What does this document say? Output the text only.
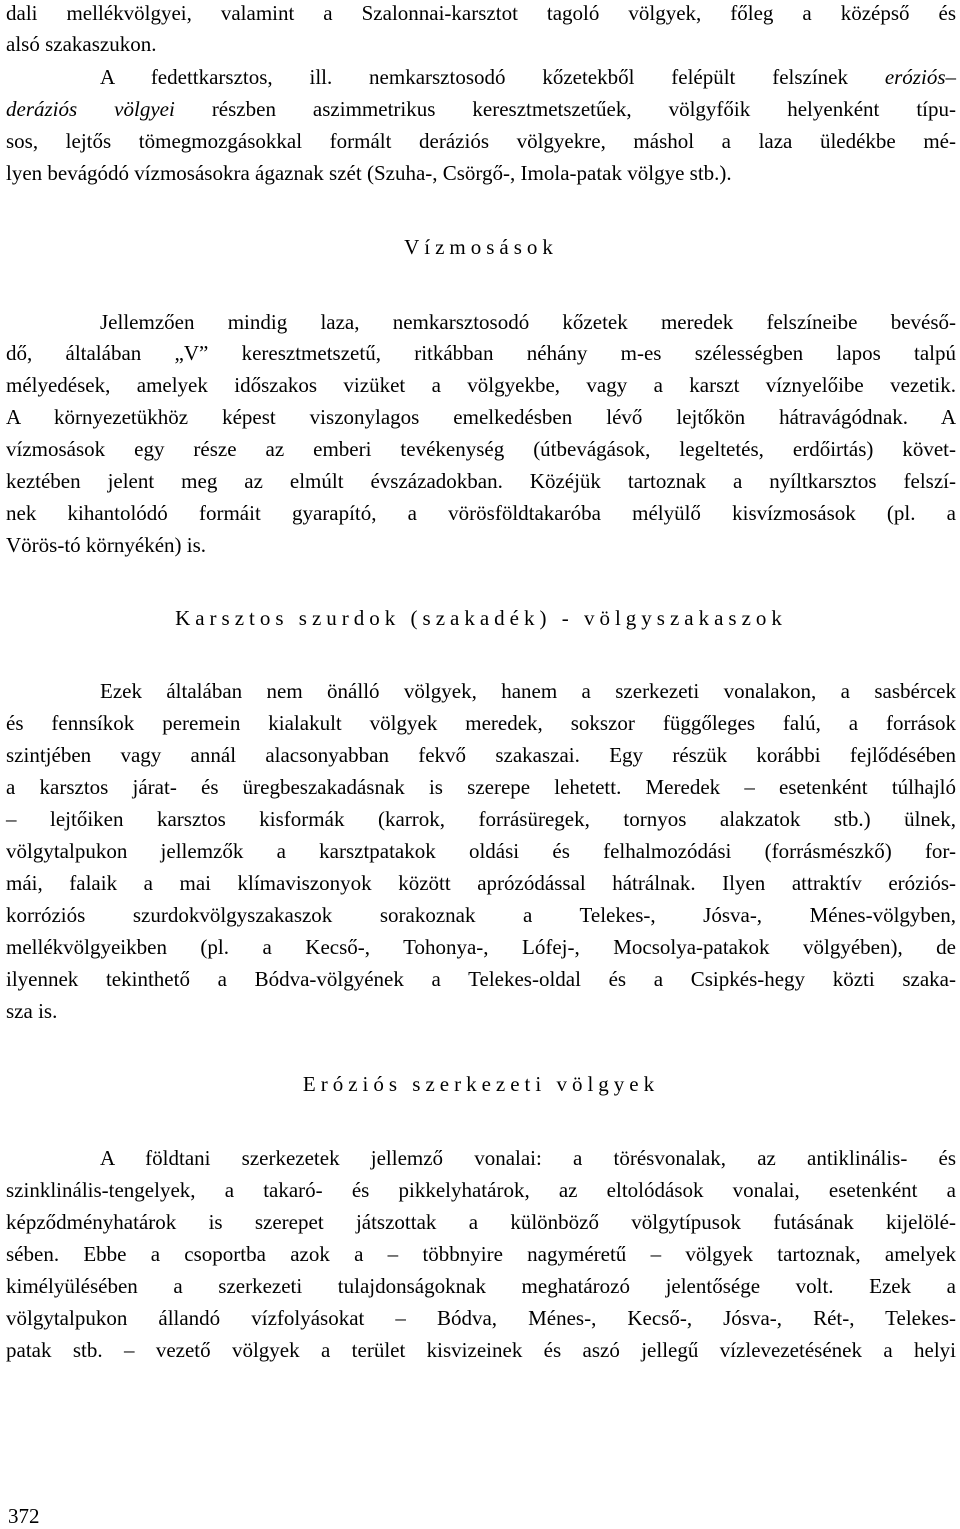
dali mellékvölgyei, valamint a Szalonnai-karsztot tagoló völgyek, főleg a középső és
alsó szakaszukon.
A fedettkarsztos, ill. nemkarsztosodó kőzetekből felépült felszínek eróziós–
deráziós völgyei részben aszimmetrikus keresztmetszetűek, völgyfőik helyenként típu-
sos, lejtős tömegmozgásokkal formált deráziós völgyekre, máshol a laza üledékbe mé-
lyen bevágódó vízmosásokra ágaznak szét (Szuha-, Csörgő-, Imola-patak völgye stb.).
Vízmosások
Jellemzően mindig laza, nemkarsztosodó kőzetek meredek felszíneibe bevéső-
dő, általában „V” keresztmetszetű, ritkábban néhány m-es szélességben lapos talpú
mélyedések, amelyek időszakos vizüket a völgyekbe, vagy a karszt víznyelőibe vezetik.
A környezetükhöz képest viszonylagos emelkedésben lévő lejtőkön hátravágódnak. A
vízmosások egy része az emberi tevékenység (útbevágások, legeltetés, erdőirtás) követ-
keztében jelent meg az elmúlt évszázadokban. Közéjük tartoznak a nyíltkarsztos felszí-
nek kihantolódó formáit gyarapító, a vörösföldtakaróba mélyülő kisvízmosások (pl. a
Vörös-tó környékén) is.
Karsztos szurdok (szakadék) - völgyszakaszok
Ezek általában nem önálló völgyek, hanem a szerkezeti vonalakon, a sasbércek
és fennsíkok peremein kialakult völgyek meredek, sokszor függőleges falú, a források
szintjében vagy annál alacsonyabban fekvő szakaszai. Egy részük korábbi fejlődésében
a karsztos járat- és üregbeszakadásnak is szerepe lehetett. Meredek – esetenként túlhajló
– lejtőiken karsztos kisformák (karrok, forrásüregek, tornyos alakzatok stb.) ülnek,
völgytalpukon jellemzők a karsztpatakok oldási és felhalmozódási (forrásmészkő) for-
mái, falaik a mai klímaviszonyok között aprózódással hátrálnak. Ilyen attraktív eróziós-
korróziós szurdokvölgyszakaszok sorakoznak a Telekes-, Jósva-, Ménes-völgyben,
mellékvölgyeikben (pl. a Kecső-, Tohonya-, Lófej-, Mocsolya-patakok völgyében), de
ilyennek tekinthető a Bódva-völgyének a Telekes-oldal és a Csipkés-hegy közti szaka-
sza is.
Eróziós szerkezeti völgyek
A földtani szerkezetek jellemző vonalai: a törésvonalak, az antiklinális- és
szinklinális-tengelyek, a takaró- és pikkelyhatárok, az eltolódások vonalai, esetenként a
képződményhatárok is szerepet játszottak a különböző völgytípusok futásának kijelölé-
sében. Ebbe a csoportba azok a – többnyire nagyméretű – völgyek tartoznak, amelyek
kimélyülésében a szerkezeti tulajdonságoknak meghatározó jelentősége volt. Ezek a
völgytalpukon állandó vízfolyásokat – Bódva, Ménes-, Kecső-, Jósva-, Rét-, Telekes-
patak stb. – vezető völgyek a terület kisvizeinek és aszó jellegű vízlevezetésének a helyi
372
